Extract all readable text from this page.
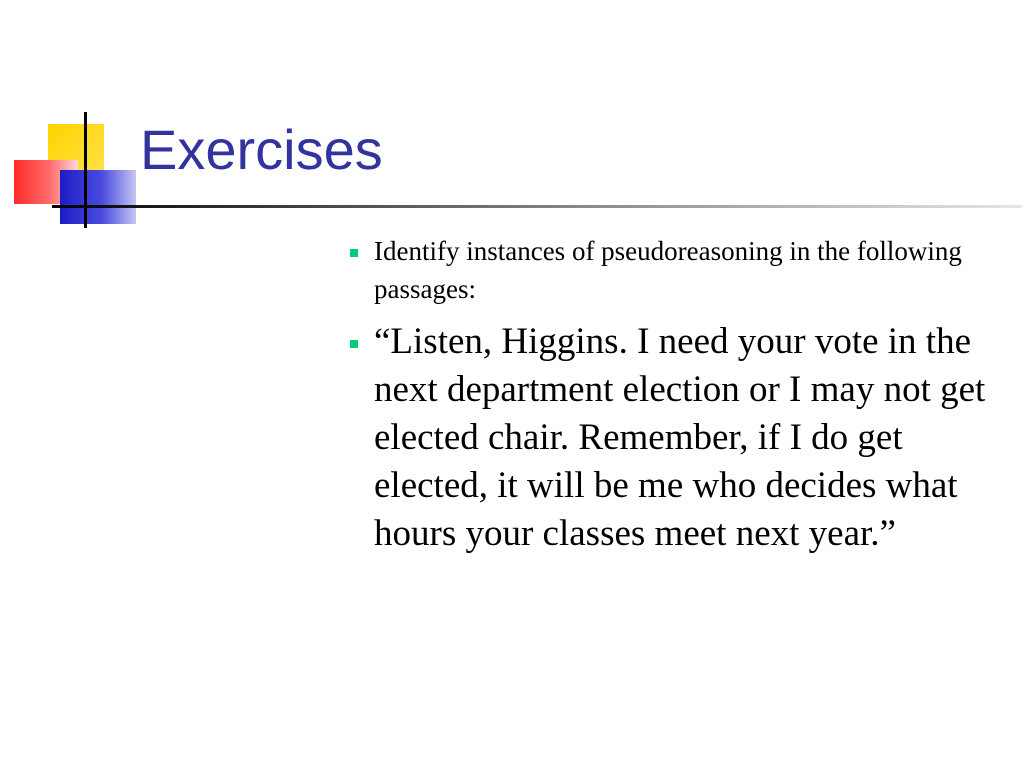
Exercises
Identify instances of pseudoreasoning in the following passages:
“Listen, Higgins. I need your vote in the next department election or I may not get elected chair. Remember, if I do get elected, it will be me who decides what hours your classes meet next year.”
